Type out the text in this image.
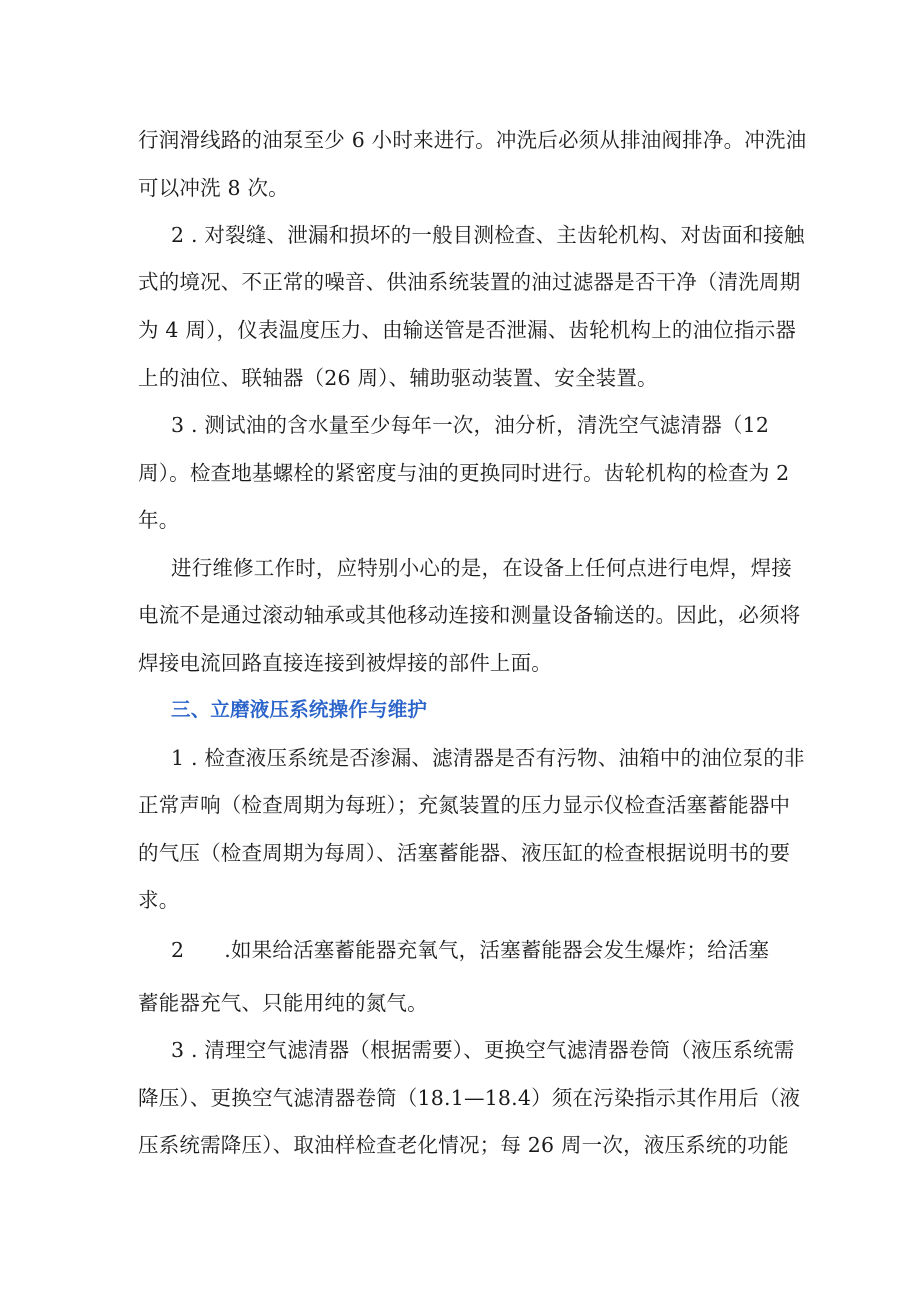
行润滑线路的油泵至少 6 小时来进行。冲洗后必须从排油阀排净。冲洗油
可以冲洗 8 次。
2 . 对裂缝、泄漏和损坏的一般目测检查、主齿轮机构、对齿面和接触
式的境况、不正常的噪音、供油系统装置的油过滤器是否干净（清洗周期
为 4 周），仪表温度压力、由输送管是否泄漏、齿轮机构上的油位指示器
上的油位、联轴器（26 周）、辅助驱动装置、安全装置。
3 . 测试油的含水量至少每年一次，油分析，清洗空气滤清器（12
周）。检查地基螺栓的紧密度与油的更换同时进行。齿轮机构的检查为 2
年。
进行维修工作时，应特别小心的是，在设备上任何点进行电焊，焊接
电流不是通过滚动轴承或其他移动连接和测量设备输送的。因此，必须将
焊接电流回路直接连接到被焊接的部件上面。
三、立磨液压系统操作与维护
1 . 检查液压系统是否渗漏、滤清器是否有污物、油箱中的油位泵的非
正常声响（检查周期为每班）；充氮装置的压力显示仪检查活塞蓄能器中
的气压（检查周期为每周）、活塞蓄能器、液压缸的检查根据说明书的要
求。
2 .如果给活塞蓄能器充氧气，活塞蓄能器会发生爆炸；给活塞
蓄能器充气、只能用纯的氮气。
3 . 清理空气滤清器（根据需要）、更换空气滤清器卷筒（液压系统需
降压）、更换空气滤清器卷筒（18.1—18.4）须在污染指示其作用后（液
压系统需降压）、取油样检查老化情况；每 26 周一次，液压系统的功能
